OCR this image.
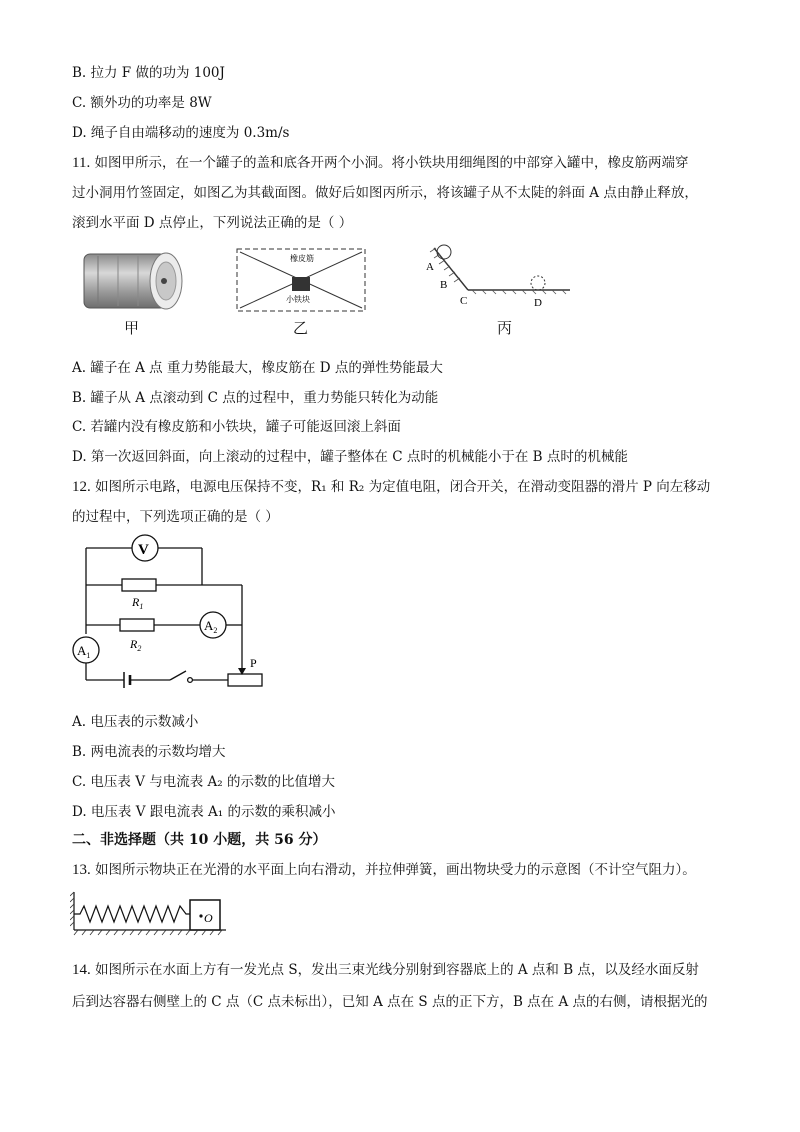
B. 拉力 F 做的功为 100J
C. 额外功的功率是 8W
D. 绳子自由端移动的速度为 0.3m/s
11. 如图甲所示，在一个罐子的盖和底各开两个小洞。将小铁块用细绳图的中部穿入罐中，橡皮筋两端穿
过小洞用竹签固定，如图乙为其截面图。做好后如图丙所示，将该罐子从不太陡的斜面 A 点由静止释放，
滚到水平面 D 点停止，下列说法正确的是（ ）
甲
橡皮筋
小铁块
乙
A
B
C	D
丙
A. 罐子在 A 点 重力势能最大，橡皮筋在 D 点的弹性势能最大
B. 罐子从 A 点滚动到 C 点的过程中，重力势能只转化为动能
C. 若罐内没有橡皮筋和小铁块，罐子可能返回滚上斜面
D. 第一次返回斜面，向上滚动的过程中，罐子整体在 C 点时的机械能小于在 B 点时的机械能
12. 如图所示电路，电源电压保持不变，R₁ 和 R₂ 为定值电阻，闭合开关，在滑动变阻器的滑片 P 向左移动
的过程中，下列选项正确的是（ ）
V
$R_1$
$R_2$
$A_1$
$A_2$
P
A. 电压表的示数减小
B. 两电流表的示数均增大
C. 电压表 V 与电流表 A₂ 的示数的比值增大
D. 电压表 V 跟电流表 A₁ 的示数的乘积减小
二、非选择题（共 10 小题，共 56 分）
13. 如图所示物块正在光滑的水平面上向右滑动，并拉伸弹簧，画出物块受力的示意图（不计空气阻力）。
O
14. 如图所示在水面上方有一发光点 S，发出三束光线分别射到容器底上的 A 点和 B 点，以及经水面反射
后到达容器右侧壁上的 C 点（C 点未标出），已知 A 点在 S 点的正下方，B 点在 A 点的右侧，请根据光的
